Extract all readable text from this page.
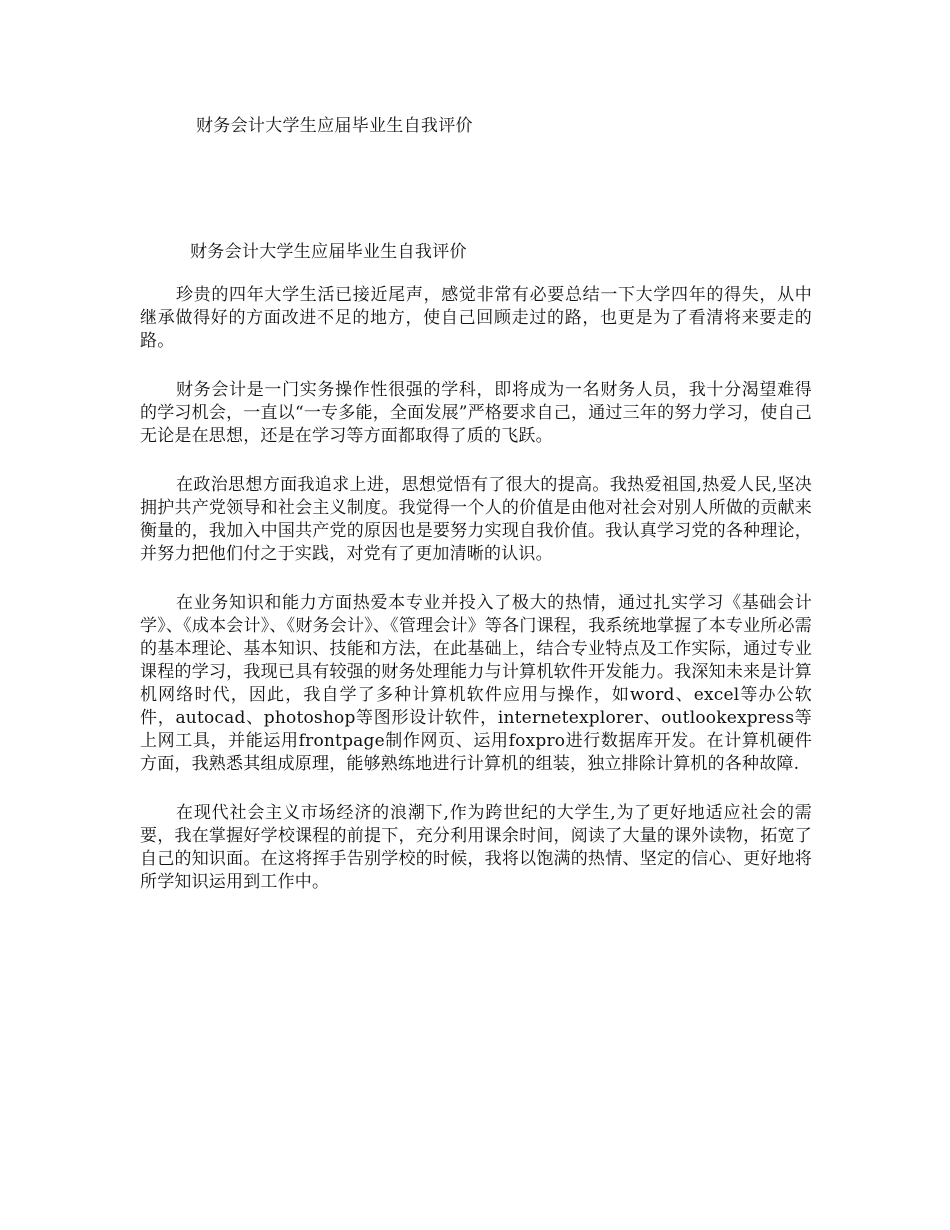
财务会计大学生应届毕业生自我评价
财务会计大学生应届毕业生自我评价

珍贵的四年大学生活已接近尾声，感觉非常有必要总结一下大学四年的得失，从中继承做得好的方面改进不足的地方，使自己回顾走过的路，也更是为了看清将来要走的路。

财务会计是一门实务操作性很强的学科，即将成为一名财务人员，我十分渴望难得的学习机会，一直以“一专多能，全面发展”严格要求自己，通过三年的努力学习，使自己无论是在思想，还是在学习等方面都取得了质的飞跃。

在政治思想方面我追求上进，思想觉悟有了很大的提高。我热爱祖国,热爱人民,坚决拥护共产党领导和社会主义制度。我觉得一个人的价值是由他对社会对别人所做的贡献来衡量的，我加入中国共产党的原因也是要努力实现自我价值。我认真学习党的各种理论，并努力把他们付之于实践，对党有了更加清晰的认识。

在业务知识和能力方面热爱本专业并投入了极大的热情，通过扎实学习《基础会计学》、《成本会计》、《财务会计》、《管理会计》等各门课程，我系统地掌握了本专业所必需的基本理论、基本知识、技能和方法，在此基础上，结合专业特点及工作实际，通过专业课程的学习，我现已具有较强的财务处理能力与计算机软件开发能力。我深知未来是计算机网络时代，因此，我自学了多种计算机软件应用与操作，如word、excel等办公软件，autocad、photoshop等图形设计软件，internetexplorer、outlookexpress等上网工具，并能运用frontpage制作网页、运用foxpro进行数据库开发。在计算机硬件方面，我熟悉其组成原理，能够熟练地进行计算机的组装，独立排除计算机的各种故障.

在现代社会主义市场经济的浪潮下,作为跨世纪的大学生,为了更好地适应社会的需要，我在掌握好学校课程的前提下，充分利用课余时间，阅读了大量的课外读物，拓宽了自己的知识面。在这将挥手告别学校的时候，我将以饱满的热情、坚定的信心、更好地将所学知识运用到工作中。
